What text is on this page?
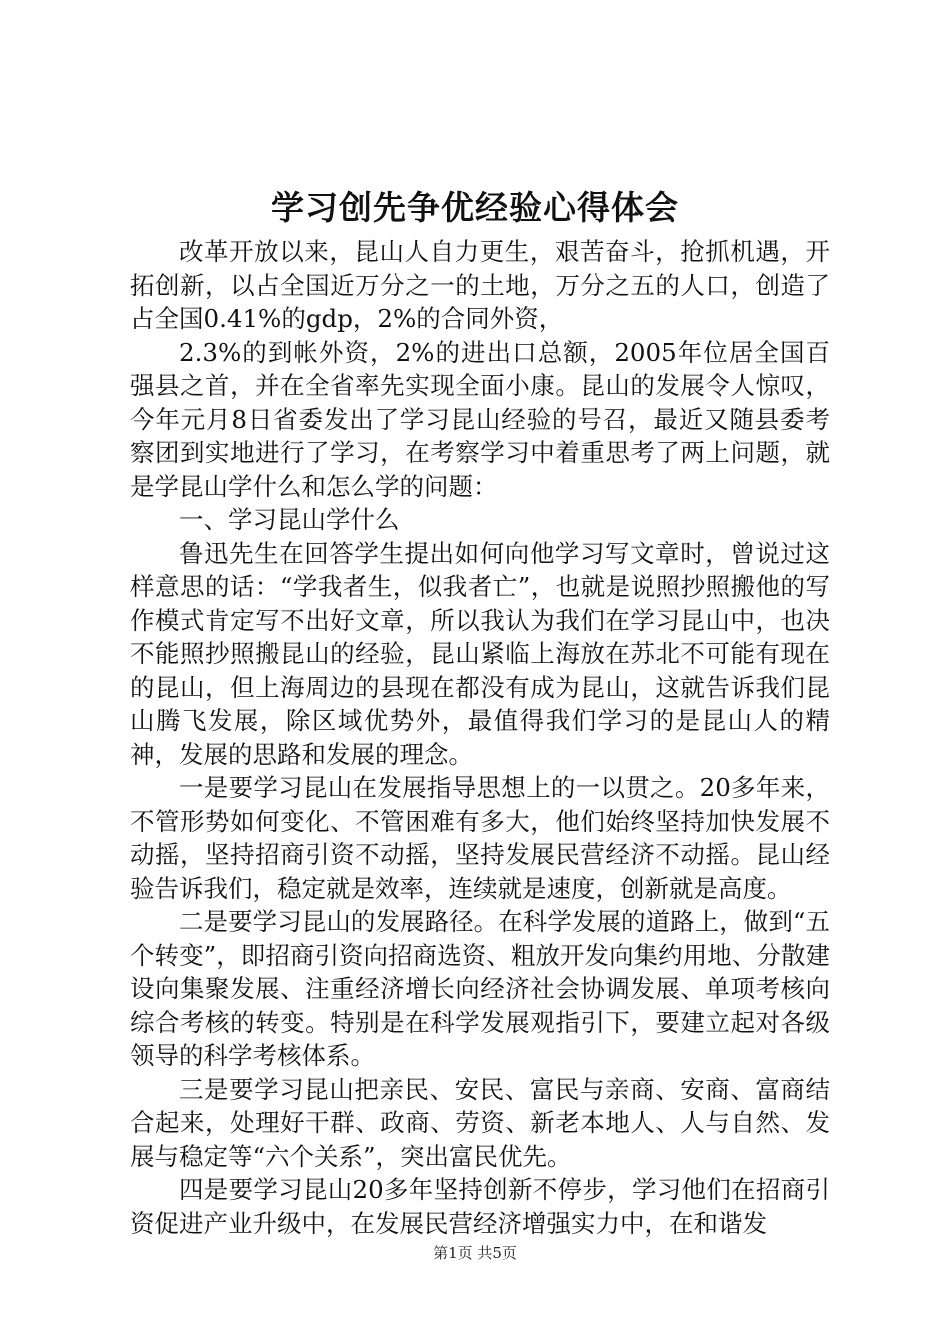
学习创先争优经验心得体会

改革开放以来，昆山人自力更生，艰苦奋斗，抢抓机遇，开拓创新，以占全国近万分之一的土地，万分之五的人口，创造了占全国0.41%的gdp，2%的合同外资，

2.3%的到帐外资，2%的进出口总额，2005年位居全国百强县之首，并在全省率先实现全面小康。昆山的发展令人惊叹，今年元月8日省委发出了学习昆山经验的号召，最近又随县委考察团到实地进行了学习，在考察学习中着重思考了两上问题，就是学昆山学什么和怎么学的问题：

一、学习昆山学什么

鲁迅先生在回答学生提出如何向他学习写文章时，曾说过这样意思的话：“学我者生，似我者亡”，也就是说照抄照搬他的写作模式肯定写不出好文章，所以我认为我们在学习昆山中，也决不能照抄照搬昆山的经验，昆山紧临上海放在苏北不可能有现在的昆山，但上海周边的县现在都没有成为昆山，这就告诉我们昆山腾飞发展，除区域优势外，最值得我们学习的是昆山人的精神，发展的思路和发展的理念。

一是要学习昆山在发展指导思想上的一以贯之。20多年来，不管形势如何变化、不管困难有多大，他们始终坚持加快发展不动摇，坚持招商引资不动摇，坚持发展民营经济不动摇。昆山经验告诉我们，稳定就是效率，连续就是速度，创新就是高度。

二是要学习昆山的发展路径。在科学发展的道路上，做到“五个转变”，即招商引资向招商选资、粗放开发向集约用地、分散建设向集聚发展、注重经济增长向经济社会协调发展、单项考核向综合考核的转变。特别是在科学发展观指引下，要建立起对各级领导的科学考核体系。

三是要学习昆山把亲民、安民、富民与亲商、安商、富商结合起来，处理好干群、政商、劳资、新老本地人、人与自然、发展与稳定等“六个关系”，突出富民优先。

四是要学习昆山20多年坚持创新不停步，学习他们在招商引资促进产业升级中，在发展民营经济增强实力中，在和谐发

第1页 共5页
